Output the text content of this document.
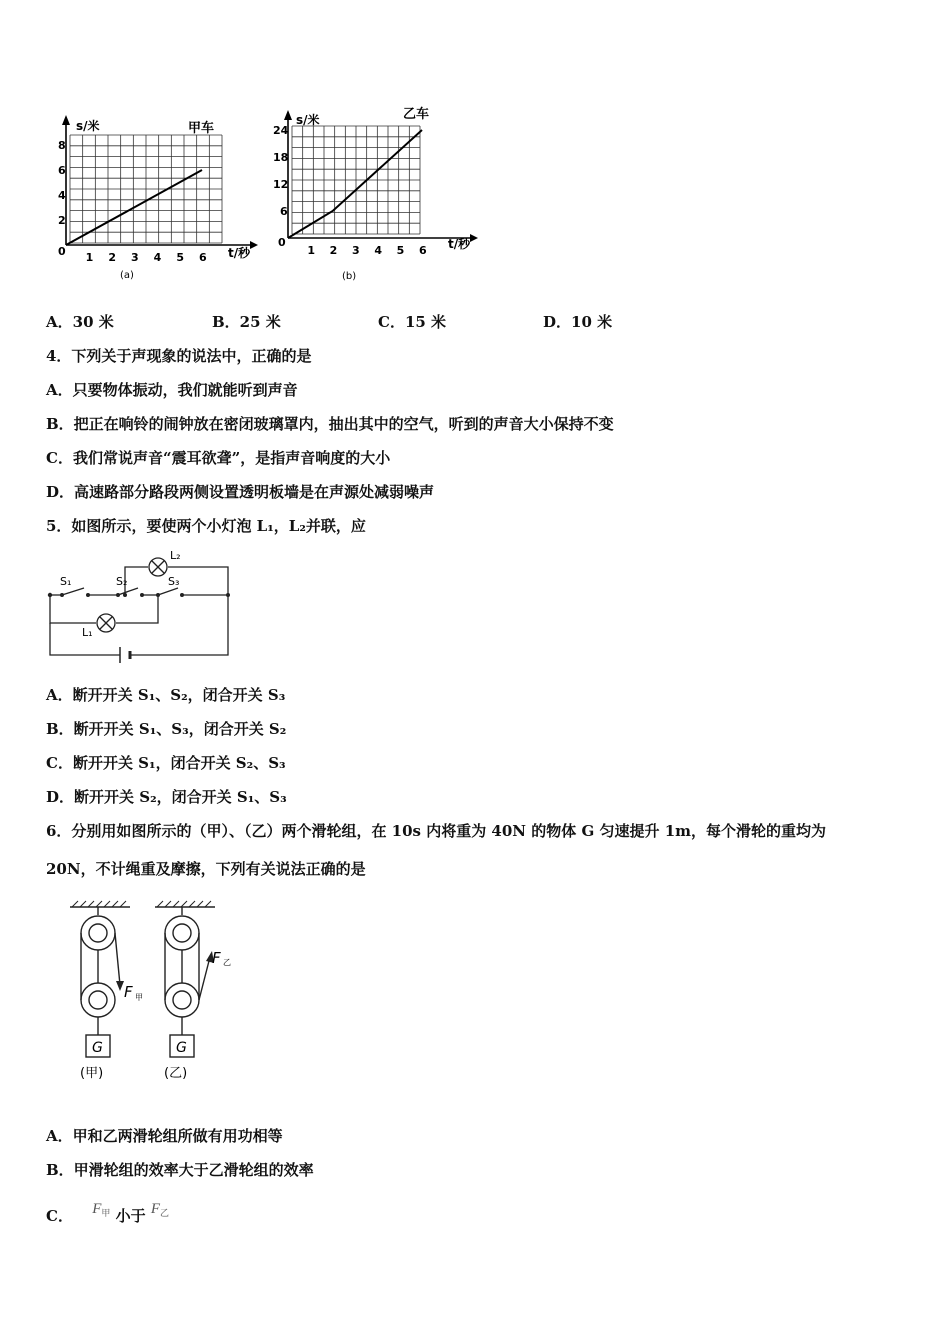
s/米	甲车
t/秒
0
8
6
4
2
1 2 3 4 5 6
(a)
s/米	乙车
t/秒
0
24
18
12
6
1 2 3 4 5 6
(b)
A．30 米	B．25 米	C．15 米	D．10 米
4．下列关于声现象的说法中，正确的是
A．只要物体振动，我们就能听到声音
B．把正在响铃的闹钟放在密闭玻璃罩内，抽出其中的空气，听到的声音大小保持不变
C．我们常说声音“震耳欲聋”，是指声音响度的大小
D．高速路部分路段两侧设置透明板墙是在声源处减弱噪声
5．如图所示，要使两个小灯泡 L₁，L₂并联，应
S₁	S₂	S₃
L₂
L₁
A．断开开关 S₁、S₂，闭合开关 S₃
B．断开开关 S₁、S₃，闭合开关 S₂
C．断开开关 S₁，闭合开关 S₂、S₃
D．断开开关 S₂，闭合开关 S₁、S₃
6．分别用如图所示的（甲）、（乙）两个滑轮组，在 10s 内将重为 40N 的物体 G 匀速提升 1m，每个滑轮的重均为
20N，不计绳重及摩擦，下列有关说法正确的是
F 甲
F 乙
G	G
(甲)	(乙)
A．甲和乙两滑轮组所做有用功相等
B．甲滑轮组的效率大于乙滑轮组的效率
C． $F^甲$ 小于 $F^乙$
